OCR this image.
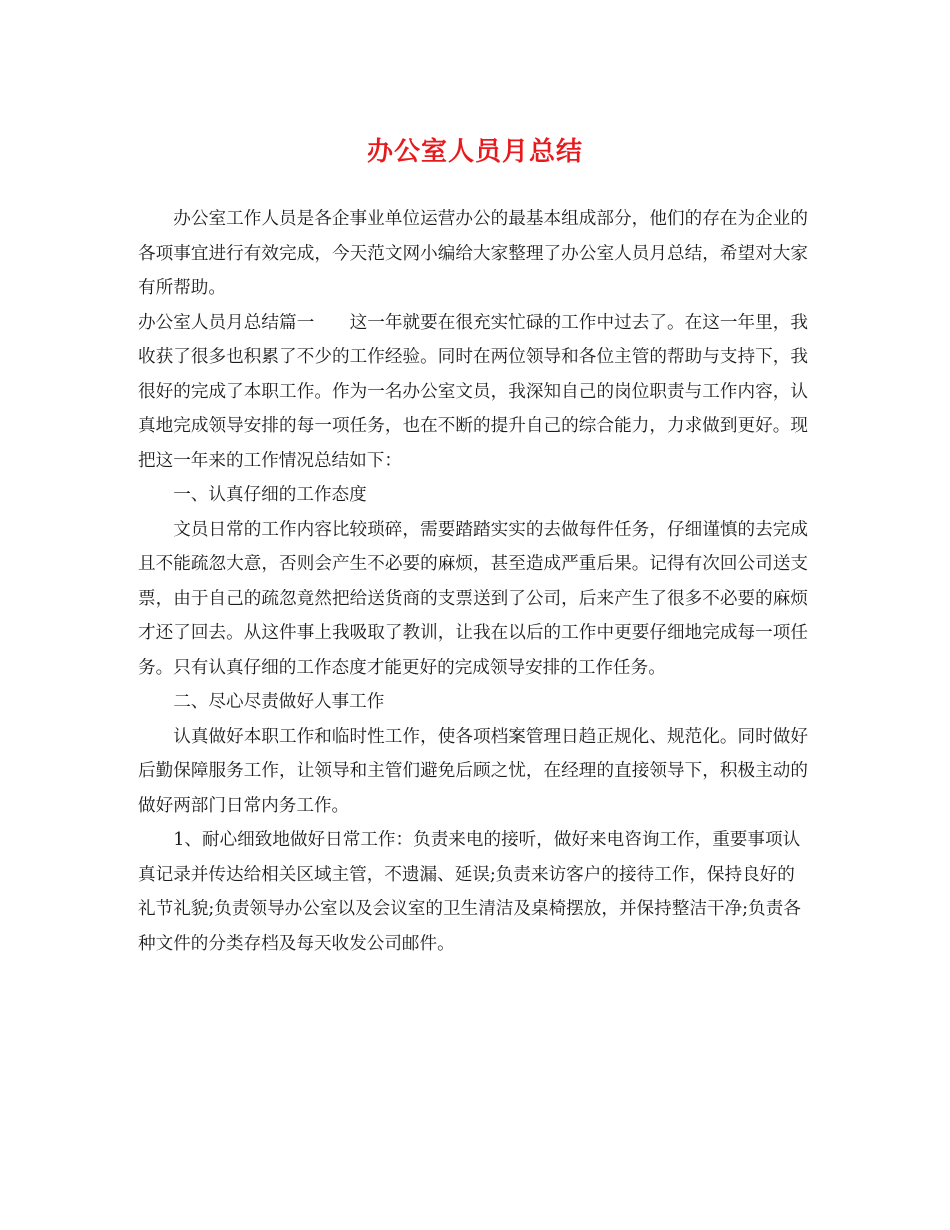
办公室人员月总结

办公室工作人员是各企事业单位运营办公的最基本组成部分，他们的存在为企业的各项事宜进行有效完成，今天范文网小编给大家整理了办公室人员月总结，希望对大家有所帮助。

办公室人员月总结篇一　　这一年就要在很充实忙碌的工作中过去了。在这一年里，我收获了很多也积累了不少的工作经验。同时在两位领导和各位主管的帮助与支持下，我很好的完成了本职工作。作为一名办公室文员，我深知自己的岗位职责与工作内容，认真地完成领导安排的每一项任务，也在不断的提升自己的综合能力，力求做到更好。现把这一年来的工作情况总结如下：

一、认真仔细的工作态度

文员日常的工作内容比较琐碎，需要踏踏实实的去做每件任务，仔细谨慎的去完成且不能疏忽大意，否则会产生不必要的麻烦，甚至造成严重后果。记得有次回公司送支票，由于自己的疏忽竟然把给送货商的支票送到了公司，后来产生了很多不必要的麻烦才还了回去。从这件事上我吸取了教训，让我在以后的工作中更要仔细地完成每一项任务。只有认真仔细的工作态度才能更好的完成领导安排的工作任务。

二、尽心尽责做好人事工作

认真做好本职工作和临时性工作，使各项档案管理日趋正规化、规范化。同时做好后勤保障服务工作，让领导和主管们避免后顾之忧，在经理的直接领导下，积极主动的做好两部门日常内务工作。

1、耐心细致地做好日常工作：负责来电的接听，做好来电咨询工作，重要事项认真记录并传达给相关区域主管，不遗漏、延误;负责来访客户的接待工作，保持良好的礼节礼貌;负责领导办公室以及会议室的卫生清洁及桌椅摆放，并保持整洁干净;负责各种文件的分类存档及每天收发公司邮件。
